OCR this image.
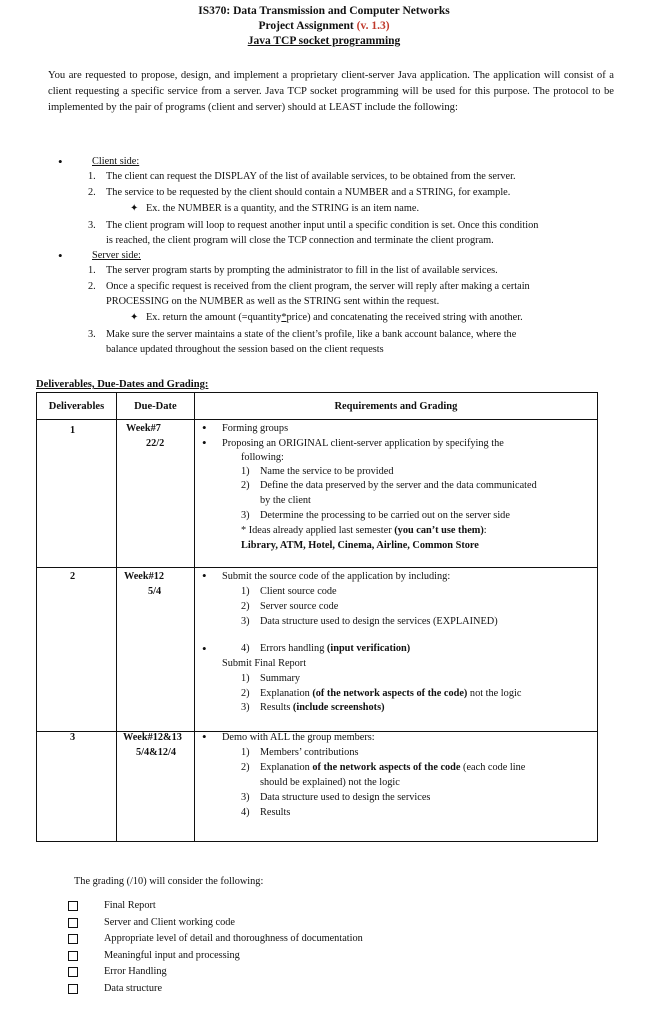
IS370: Data Transmission and Computer Networks
Project Assignment (v. 1.3)
Java TCP socket programming
You are requested to propose, design, and implement a proprietary client-server Java application. The application will consist of a client requesting a specific service from a server. Java TCP socket programming will be used for this purpose. The protocol to be implemented by the pair of programs (client and server) should at LEAST include the following:
•	Client side:
1. The client can request the DISPLAY of the list of available services, to be obtained from the server.
2. The service to be requested by the client should contain a NUMBER and a STRING, for example.
✦ Ex. the NUMBER is a quantity, and the STRING is an item name.
3. The client program will loop to request another input until a specific condition is set. Once this condition
is reached, the client program will close the TCP connection and terminate the client program.
•	Server side:
1. The server program starts by prompting the administrator to fill in the list of available services.
2. Once a specific request is received from the client program, the server will reply after making a certain
PROCESSING on the NUMBER as well as the STRING sent within the request.
✦ Ex. return the amount (=quantity*price) and concatenating the received string with another.
3. Make sure the server maintains a state of the client’s profile, like a bank account balance, where the
balance updated throughout the session based on the client requests
Deliverables, Due-Dates and Grading:
Deliverables	Due-Date	Requirements and Grading

1	Week#7
22/2
• Forming groups
• Proposing an ORIGINAL client-server application by specifying the
following:
1) Name the service to be provided
2) Define the data preserved by the server and the data communicated
by the client
3) Determine the processing to be carried out on the server side
* Ideas already applied last semester (you can’t use them):
Library, ATM, Hotel, Cinema, Airline, Common Store
2	Week#12
5/4
• Submit the source code of the application by including:
1) Client source code
2) Server source code
3) Data structure used to design the services (EXPLAINED)
•	4) Errors handling (input verification)
Submit Final Report
1) Summary
2) Explanation (of the network aspects of the code) not the logic
3) Results (include screenshots)
3	Week#12&13
5/4&12/4
• Demo with ALL the group members:
1) Members’ contributions
2) Explanation of the network aspects of the code (each code line
should be explained) not the logic
3) Data structure used to design the services
4) Results
The grading (/10) will consider the following:
Final Report
Server and Client working code
Appropriate level of detail and thoroughness of documentation
Meaningful input and processing
Error Handling
Data structure
